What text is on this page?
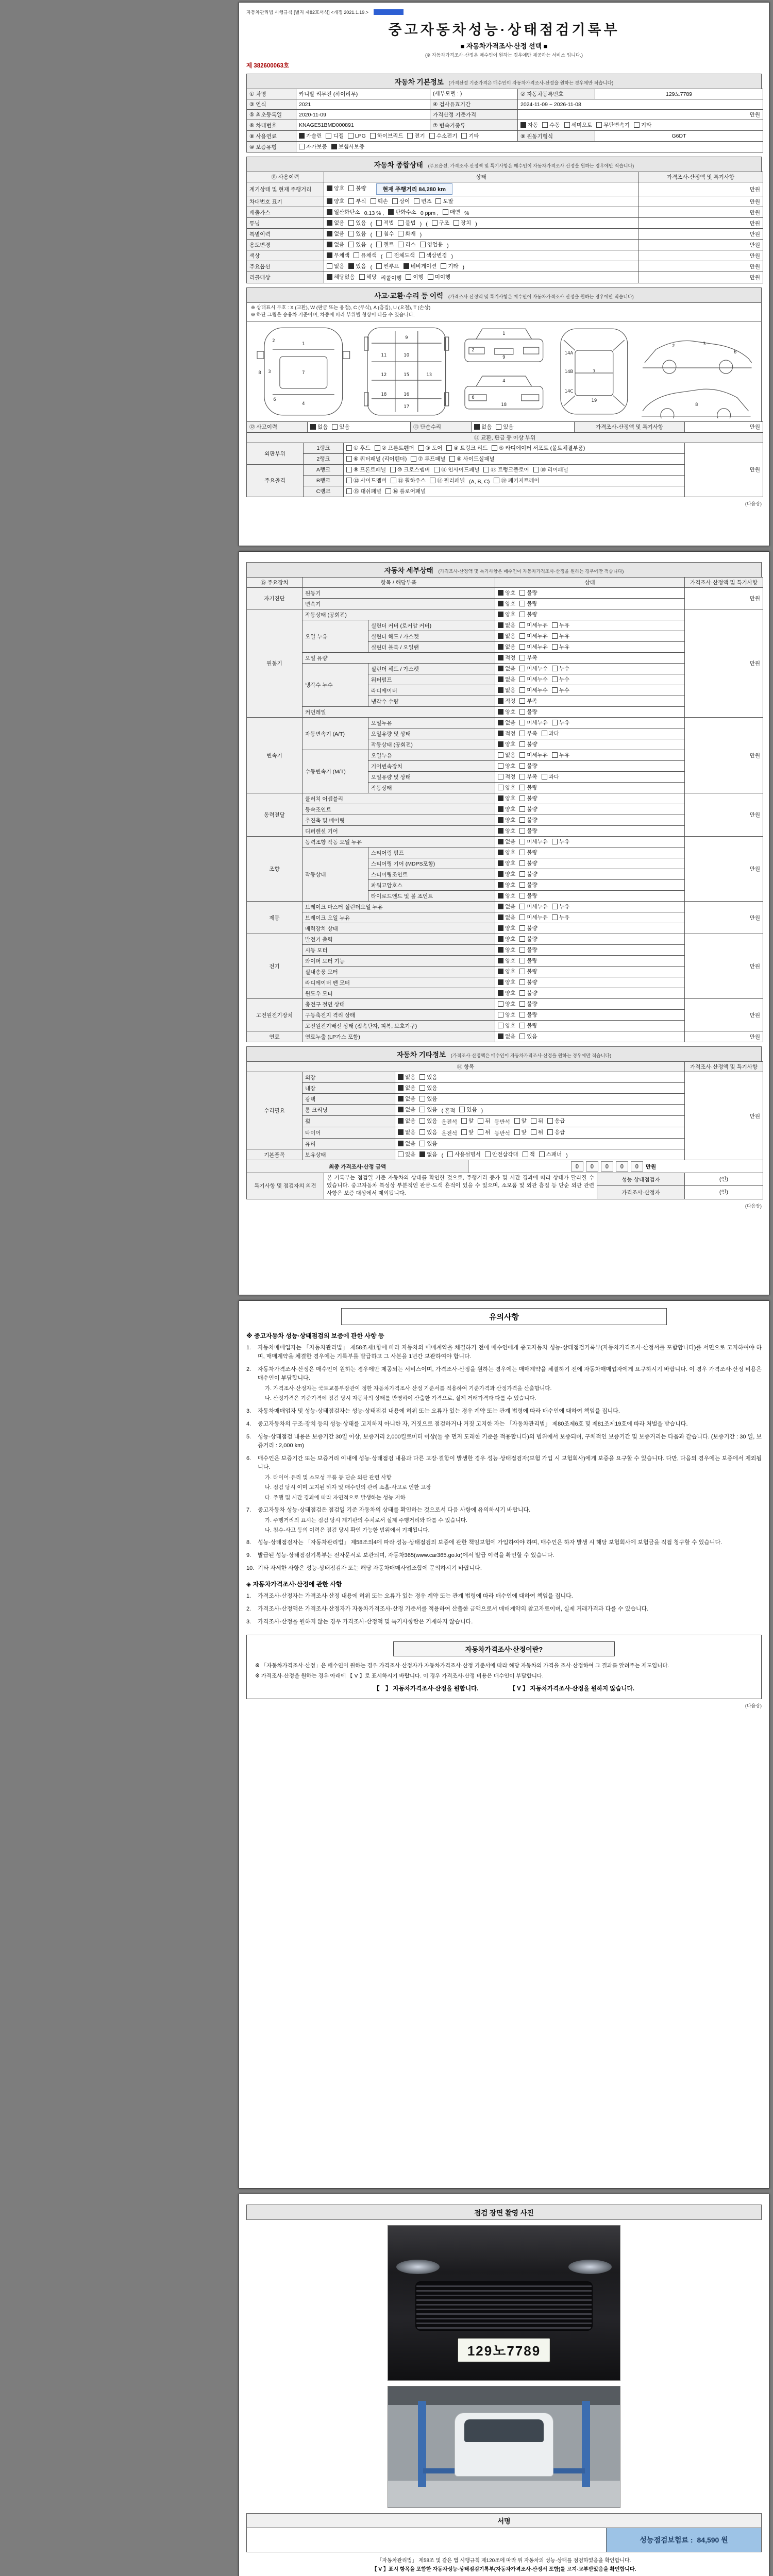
자동차관리법 시행규칙 [별지 제82호서식] <개정 2021.1.19.>
중고자동차성능·상태점검기록부
■ 자동차가격조사·산정 선택 ■
(※ 자동차가격조사·산정은 매수인이 원하는 경우에만 제공하는 서비스 입니다.)
제 382600063호
자동차 기본정보 (가격산정 기준가격은 매수인이 자동차가격조사·산정을 원하는 경우에만 적습니다)
① 차명	카니발 리무진 (하이리무)	(세부모델 : )	② 자동차등록번호	129노7789
③ 연식	2021	④ 검사유효기간	2024-11-09 ~ 2026-11-08	
⑤ 최초등록일	2020-11-09	가격산정 기준가격	만원	
⑥ 차대번호	KNAGE51BMD000891	⑦ 변속기종류	자동 수동 세미오토 무단변속기 기타	

⑧ 사용연료	가솔린 디젤 LPG 하이브리드 전기 수소전기 기타	⑨ 원동기형식	G6DT
⑩ 보증유형	자가보증 보험사보증			
자동차 종합상태 (주요옵션, 가격조사·산정액 및 특기사항은 매수인이 자동차가격조사·산정을 원하는 경우에만 적습니다)
⑪ 사용이력	상태	가격조사·산정액 및 특기사항
계기상태 및 현재 주행거리	양호 불량 현재 주행거리 84,280 km	만원
차대번호 표기	양호 부식 훼손 상이 변조 도말	만원
배출가스	일산화탄소 0.13 % , 탄화수소 0 ppm , 매연 %	만원
튜닝	없음 있음 ( 적법 불법 ) ( 구조 장치 )	만원
특별이력	없음 있음 ( 침수 화재 )	만원
용도변경	없음 있음 ( 렌트 리스 영업용 )	만원
색상	무채색 유채색 ( 전체도색 색상변경 )	만원
주요옵션	없음 있음 ( 썬루프 네비게이션 기타 )	만원
리콜대상	해당없음 해당 리콜이행 이행 미이행	만원
사고·교환·수리 등 이력 (가격조사·산정액 및 특기사항은 매수인이 자동차가격조사·산정을 원하는 경우에만 적습니다)
※ 상태표시 부호 : X (교환), W (판금 또는 용접), C (부식), A (흠집), U (요철), T (손상)
※ 하단 그림은 승용차 기준이며, 차종에 따라 부위별 형상이 다를 수 있습니다.
1
2
3
4
6
7
8
9
10
11
12	13
15
16
17
18
1
2
9
4
6
18
7
14A
14B
14C
19
2	3
6
8
⑫ 사고이력	없음 있음	⑬ 단순수리	없음 있음	가격조사·산정액 및 특기사항	만원
⑭ 교환, 판금 등 이상 부위			
외판부위	1랭크	① 후드 ② 프론트휀더 ③ 도어 ④ 트렁크 리드 ⑤ 라디에이터 서포트 (볼트체결부품)	만원
	2랭크	⑥ 쿼터패널 (리어휀더) ⑦ 루프패널 ⑧ 사이드실패널	

주요골격	A랭크	⑨ 프론트패널 ⑩ 크로스멤버 ⑪ 인사이드패널 ⑰ 트렁크플로어 ⑱ 리어패널	

	B랭크	⑫ 사이드멤버 ⑬ 휠하우스 ⑭ 필러패널 (A, B, C) ⑲ 패키지트레이	

	C랭크	⑮ 대쉬패널 ⑯ 플로어패널	
(다음장)
자동차 세부상태 (가격조사·산정액 및 특기사항은 매수인이 자동차가격조사·산정을 원하는 경우에만 적습니다)
⑮ 주요장치	항목 / 해당부품		상태	가격조사·산정액 및 특기사항
자기진단	원동기		양호 불량	만원
	변속기		양호 불량	

원동기	작동상태 (공회전)		양호 불량	만원
	오일 누유	실린더 커버 (로커암 커버)	없음 미세누유 누유	

		실린더 헤드 / 가스켓	없음 미세누유 누유	

		실린더 블록 / 오일팬	없음 미세누유 누유	

	오일 유량		적정 부족	

	냉각수 누수	실린더 헤드 / 가스켓	없음 미세누수 누수	

		워터펌프	없음 미세누수 누수	

		라디에이터	없음 미세누수 누수	

		냉각수 수량	적정 부족	

	커먼레일		양호 불량	

변속기	자동변속기 (A/T)	오일누유	없음 미세누유 누유	만원
		오일유량 및 상태	적정 부족 과다	

		작동상태 (공회전)	양호 불량	

	수동변속기 (M/T)	오일누유	없음 미세누유 누유	

		기어변속장치	양호 불량	

		오일유량 및 상태	적정 부족 과다	

		작동상태	양호 불량	

동력전달	클러치 어셈블리		양호 불량	만원
	등속조인트		양호 불량	

	추진축 및 베어링		양호 불량	

	디퍼렌셜 기어		양호 불량	

조향	동력조향 작동 오일 누유		없음 미세누유 누유	만원
	작동상태	스티어링 펌프	양호 불량	

		스티어링 기어 (MDPS포함)	양호 불량	

		스티어링조인트	양호 불량	

		파워고압호스	양호 불량	

		타이로드엔드 및 볼 조인트	양호 불량	

제동	브레이크 마스터 실린더오일 누유		없음 미세누유 누유	만원
	브레이크 오일 누유		없음 미세누유 누유	

	배력장치 상태		양호 불량	

전기	발전기 출력		양호 불량	만원
	시동 모터		양호 불량	

	와이퍼 모터 기능		양호 불량	

	실내송풍 모터		양호 불량	

	라디에이터 팬 모터		양호 불량	

	윈도우 모터		양호 불량	

고전원전기장치	충전구 절연 상태		양호 불량	만원
	구동축전지 격리 상태		양호 불량	

	고전원전기배선 상태 (접속단자, 피복, 보호기구)		양호 불량	

연료	연료누출 (LP가스 포함)		없음 있음	만원
자동차 기타정보 (가격조사·산정액은 매수인이 자동차가격조사·산정을 원하는 경우에만 적습니다)
⑯ 항목			가격조사·산정액 및 특기사항
수리필요	외장	없음 있음	만원
	내장	없음 있음	

	광택	없음 있음	

	룸 크리닝	없음 있음 ( 흔적 있음 )	
휠	없음 있음 운전석 앞 뒤 동반석 앞 뒤 응급

타이어	없음 있음 운전석 앞 뒤 동반석 앞 뒤 응급

	유리	없음 있음	

기본품목	보유상태	있음 없음 ( 사용설명서 안전삼각대 잭 스패너 )
최종 가격조사·산정 금액	0 0 0 0 0 만원
특기사항 및 점검자의 의견	본 기록부는 점검일 기준 자동차의 상태를 확인한 것으로, 주행거리 증가 및 시간 경과에 따라 상태가 달라질 수 있습니다. 중고자동차 특성상 부분적인 판금·도색 흔적이 있을 수 있으며, 소모품 및 외관 흠집 등 단순 외관 관련 사항은 보증 대상에서 제외됩니다.	성능·상태점검자	(인)
		가격조사·산정자	(인)
(다음장)
유의사항
※ 중고자동차 성능·상태점검의 보증에 관한 사항 등
1.	자동차매매업자는 「자동차관리법」 제58조제1항에 따라 자동차의 매매계약을 체결하기 전에 매수인에게 중고자동차 성능·상태점검기록부(자동차가격조사·산정서를 포함합니다)를 서면으로 고지하여야 하며, 매매계약을 체결한 경우에는 기록부를 발급하고 그 사본을 1년간 보관하여야 합니다.
2.	자동차가격조사·산정은 매수인이 원하는 경우에만 제공되는 서비스이며, 가격조사·산정을 원하는 경우에는 매매계약을 체결하기 전에 자동차매매업자에게 요구하시기 바랍니다. 이 경우 가격조사·산정 비용은 매수인이 부담합니다.
가. 가격조사·산정자는 국토교통부장관이 정한 자동차가격조사·산정 기준서를 적용하여 기준가격과 산정가격을 산출합니다.
나. 산정가격은 기준가격에 점검 당시 자동차의 상태를 반영하여 산출한 가격으로, 실제 거래가격과 다를 수 있습니다.
3.	자동차매매업자 및 성능·상태점검자는 성능·상태점검 내용에 허위 또는 오류가 있는 경우 계약 또는 관계 법령에 따라 매수인에 대하여 책임을 집니다.
4.	중고자동차의 구조·장치 등의 성능·상태를 고지하지 아니한 자, 거짓으로 점검하거나 거짓 고지한 자는 「자동차관리법」 제80조제6호 및 제81조제19호에 따라 처벌을 받습니다.
5.	성능·상태점검 내용은 보증기간 30일 이상, 보증거리 2,000킬로미터 이상(둘 중 먼저 도래한 기준을 적용합니다)의 범위에서 보증되며, 구체적인 보증기간 및 보증거리는 다음과 같습니다. (보증기간 : 30 일, 보증거리 : 2,000 km)
6.	매수인은 보증기간 또는 보증거리 이내에 성능·상태점검 내용과 다른 고장·결함이 발생한 경우 성능·상태점검자(보험 가입 시 보험회사)에게 보증을 요구할 수 있습니다. 다만, 다음의 경우에는 보증에서 제외됩니다.
가. 타이어·유리 및 소모성 부품 등 단순 외관 관련 사항
나. 점검 당시 이미 고지된 하자 및 매수인의 관리 소홀·사고로 인한 고장
다. 주행 및 시간 경과에 따라 자연적으로 발생하는 성능 저하
7.	중고자동차 성능·상태점검은 점검일 기준 자동차의 상태를 확인하는 것으로서 다음 사항에 유의하시기 바랍니다.
가. 주행거리의 표시는 점검 당시 계기판의 수치로서 실제 주행거리와 다를 수 있습니다.
나. 침수·사고 등의 이력은 점검 당시 확인 가능한 범위에서 기재됩니다.
8.	성능·상태점검자는 「자동차관리법」 제58조의4에 따라 성능·상태점검의 보증에 관한 책임보험에 가입하여야 하며, 매수인은 하자 발생 시 해당 보험회사에 보험금을 직접 청구할 수 있습니다.
9.	발급된 성능·상태점검기록부는 전자문서로 보관되며, 자동차365(www.car365.go.kr)에서 발급 이력을 확인할 수 있습니다.
10. 기타 자세한 사항은 성능·상태점검자 또는 해당 자동차매매사업조합에 문의하시기 바랍니다.
◈ 자동차가격조사·산정에 관한 사항
1.	가격조사·산정자는 가격조사·산정 내용에 허위 또는 오류가 있는 경우 계약 또는 관계 법령에 따라 매수인에 대하여 책임을 집니다.
2.	가격조사·산정액은 가격조사·산정자가 자동차가격조사·산정 기준서를 적용하여 산출한 금액으로서 매매계약의 참고자료이며, 실제 거래가격과 다를 수 있습니다.
3.	가격조사·산정을 원하지 않는 경우 가격조사·산정액 및 특기사항란은 기재하지 않습니다.
자동차가격조사·산정이란?
※ 「자동차가격조사·산정」은 매수인이 원하는 경우 가격조사·산정자가 자동차가격조사·산정 기준서에 따라 해당 자동차의 가격을 조사·산정하여 그 결과를 알려주는 제도입니다.
※ 가격조사·산정을 원하는 경우 아래에 【 V 】로 표시하시기 바랍니다. 이 경우 가격조사·산정 비용은 매수인이 부담합니다.
【　】 자동차가격조사·산정을 원합니다.	【 V 】 자동차가격조사·산정을 원하지 않습니다.
(다음장)
점검 장면 촬영 사진
129노7789
서명
성능점검보험료 : 84,590 원
「자동차관리법」 제58조 및 같은 법 시행규칙 제120조에 따라 위 자동차의 성능·상태를 점검하였음을 확인합니다.
【 V 】표시 항목을 포함한 자동차성능·상태점검기록부(자동차가격조사·산정서 포함)를 고지·교부받았음을 확인합니다.
